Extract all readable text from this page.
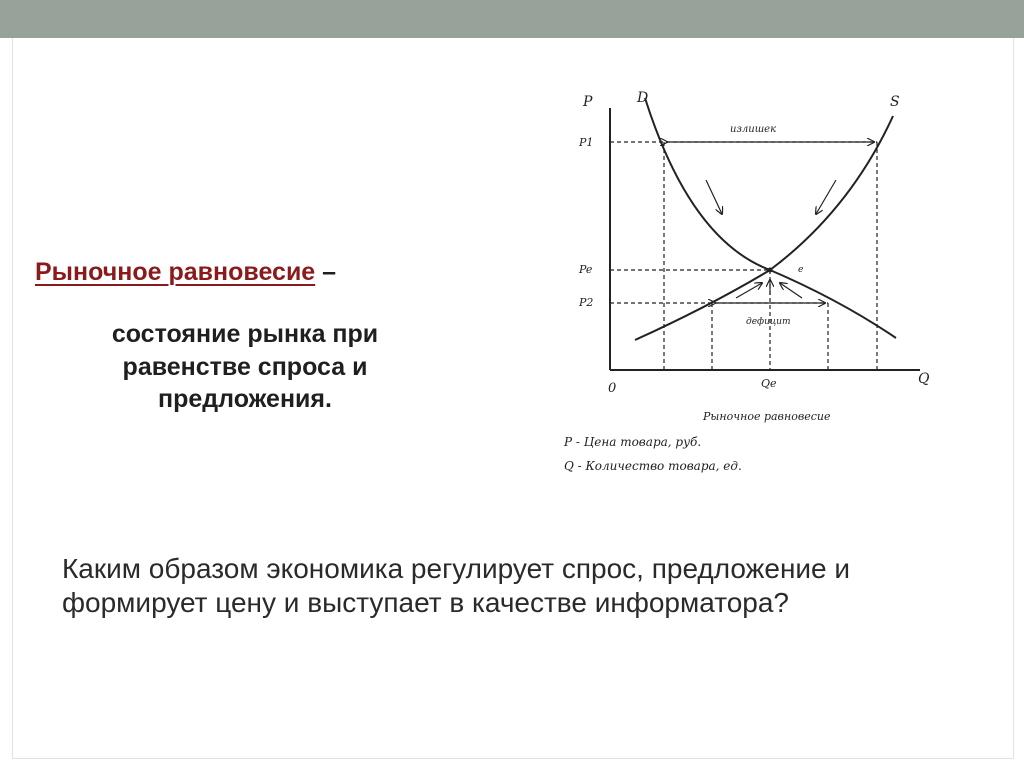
Рыночное равновесие –
состояние рынка при равенстве спроса и предложения.
Каким образом экономика регулирует спрос, предложение и формирует цену и выступает в качестве информатора?
P
Q
0
D	S
P1
Pe
P2
Qe
e
излишек
дефицит
Рыночное равновесие
P - Цена товара, руб.
Q - Количество товара, ед.
